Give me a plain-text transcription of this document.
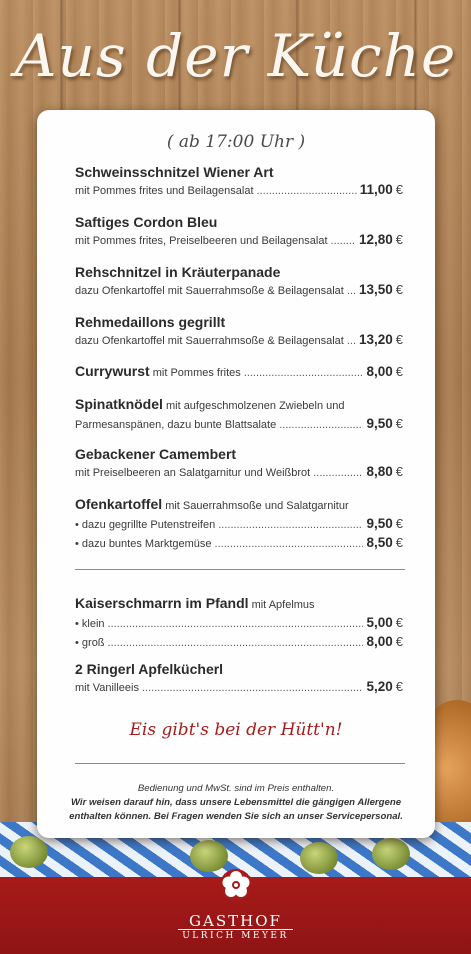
Aus der Küche
( ab 17:00 Uhr )
Schweinsschnitzel Wiener Art
mit Pommes frites und Beilagensalat .....	11,00 €
Saftiges Cordon Bleu
mit Pommes frites, Preiselbeeren und Beilagensalat ..... 12,80 €
Rehschnitzel in Kräuterpanade
dazu Ofenkartoffel mit Sauerrahmsoße & Beilagensalat ..... 13,50 €
Rehmedaillons gegrillt
dazu Ofenkartoffel mit Sauerrahmsoße & Beilagensalat ..... 13,20 €
Currywurst mit Pommes frites .....	8,00 €
Spinatknödel mit aufgeschmolzenen Zwiebeln und
Parmesanspänen, dazu bunte Blattsalate .....	9,50 €
Gebackener Camembert
mit Preiselbeeren an Salatgarnitur und Weißbrot .....	8,80 €
Ofenkartoffel mit Sauerrahmsoße und Salatgarnitur
• dazu gegrillte Putenstreifen .....	9,50 €
• dazu buntes Marktgemüse .....	8,50 €
Kaiserschmarrn im Pfandl mit Apfelmus
• klein .....	5,00 €
• groß .....	8,00 €
2 Ringerl Apfelkücherl
mit Vanilleeis .....	5,20 €
Eis gibt's bei der Hütt'n!
Bedienung und MwSt. sind im Preis enthalten.
Wir weisen darauf hin, dass unsere Lebensmittel die gängigen Allergene
enthalten können. Bei Fragen wenden Sie sich an unser Servicepersonal.
GASTHOF
ULRICH MEYER
